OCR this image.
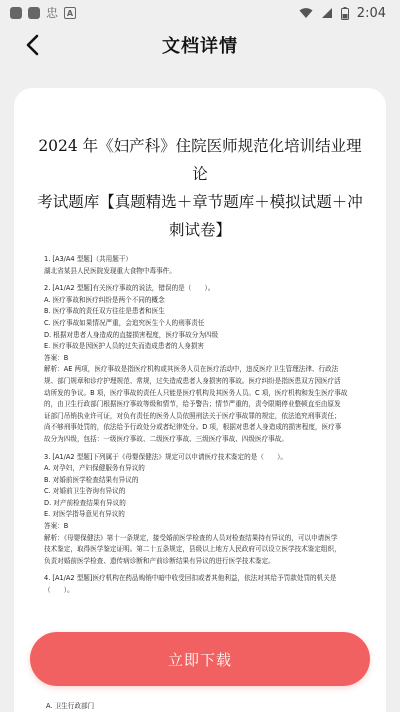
忠	A	2:04
文档详情
2024 年《妇产科》住院医师规范化培训结业理论
考试题库【真题精选＋章节题库＋模拟试题＋冲
刺试卷】

1. [A3/A4 型题]（共用题干）

湖北省某县人民医院发现重大食物中毒事件。

2. [A1/A2 型题]有关医疗事故的说法，错误的是（　　）。

A. 医疗事故和医疗纠纷是两个不同的概念

B. 医疗事故的责任双方往往是患者和医生

C. 医疗事故如果情况严重，会追究医生个人的刑事责任

D. 根据对患者人身造成的直接损害程度，医疗事故分为四级

E. 医疗事故是因医护人员的过失而造成患者的人身损害

答案：B

解析：AE 两项，医疗事故是指医疗机构或其医务人员在医疗活动中，违反医疗卫生管理法律、行政法

规、部门规章和诊疗护理规范、常规，过失造成患者人身损害的事故。医疗纠纷是指医患双方因医疗活

动所发的争议。B 项，医疗事故的责任人只能是医疗机构及其医务人员。C 项，医疗机构和发生医疗事故

的，由卫生行政部门根据医疗事故等级和情节，给予警告；情节严重的，责令限期停业整顿直至由原发

证部门吊销执业许可证，对负有责任的医务人员依照刑法关于医疗事故罪的规定，依法追究刑事责任；

尚不够刑事处罚的，依法给予行政处分或者纪律处分。D 项，根据对患者人身造成的损害程度，医疗事

故分为四级，包括：一级医疗事故、二级医疗事故、三级医疗事故、四级医疗事故。

3. [A1/A2 型题]下列属于《母婴保健法》规定可以申请医疗技术鉴定的是（　　）。

A. 对孕妇，产妇保健服务有异议的

B. 对婚前医学检查结果有异议的

C. 对婚前卫生咨询有异议的

D. 对产前检查结果有异议的

E. 对医学指导意见有异议的

答案：B

解析：《母婴保健法》第十一条规定，接受婚前医学检查的人员对检查结果持有异议的，可以申请医学

技术鉴定，取得医学鉴定证明。第二十五条规定，县级以上地方人民政府可以设立医学技术鉴定组织，

负责对婚前医学检查、遗传病诊断和产前诊断结果有异议的进行医学技术鉴定。

4. [A1/A2 型题]医疗机构在药品购销中暗中收受回扣或者其他利益，依法对其给予罚款处罚的机关是

（　　）。

立即下载
A. 卫生行政部门
